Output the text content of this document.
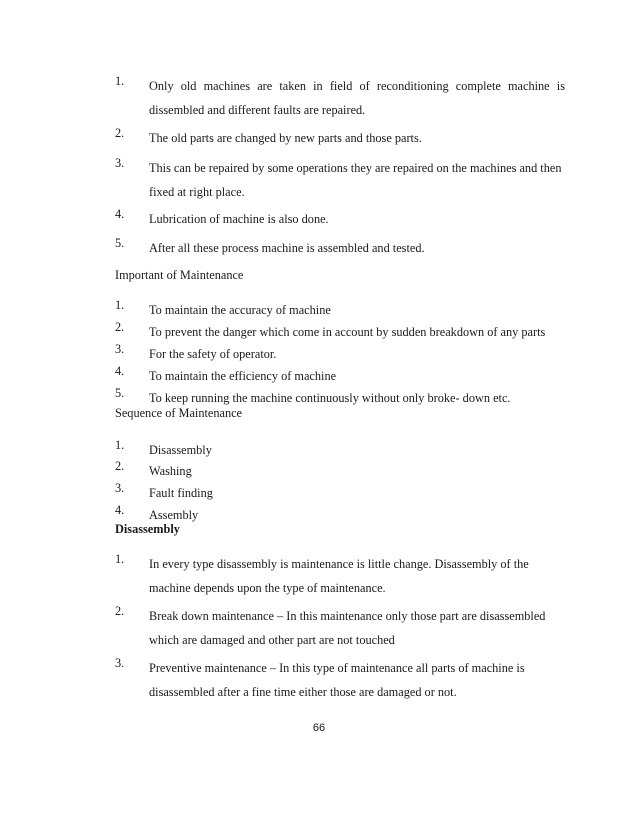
1. Only old machines are taken in field of reconditioning complete machine is
dissembled and different faults are repaired.
2. The old parts are changed by new parts and those parts.
3. This can be repaired by some operations they are repaired on the machines and then
fixed at right place.
4. Lubrication of machine is also done.
5. After all these process machine is assembled and tested.
Important of Maintenance
1. To maintain the accuracy of machine
2. To prevent the danger which come in account by sudden breakdown of any parts
3. For the safety of operator.
4. To maintain the efficiency of machine
5. To keep running the machine continuously without only broke- down etc.
Sequence of Maintenance
1. Disassembly
2. Washing
3. Fault finding
4. Assembly
Disassembly
1. In every type disassembly is maintenance is little change. Disassembly of the
machine depends upon the type of maintenance.
2. Break down maintenance – In this maintenance only those part are disassembled
which are damaged and other part are not touched
3. Preventive maintenance – In this type of maintenance all parts of machine is
disassembled after a fine time either those are damaged or not.
66
